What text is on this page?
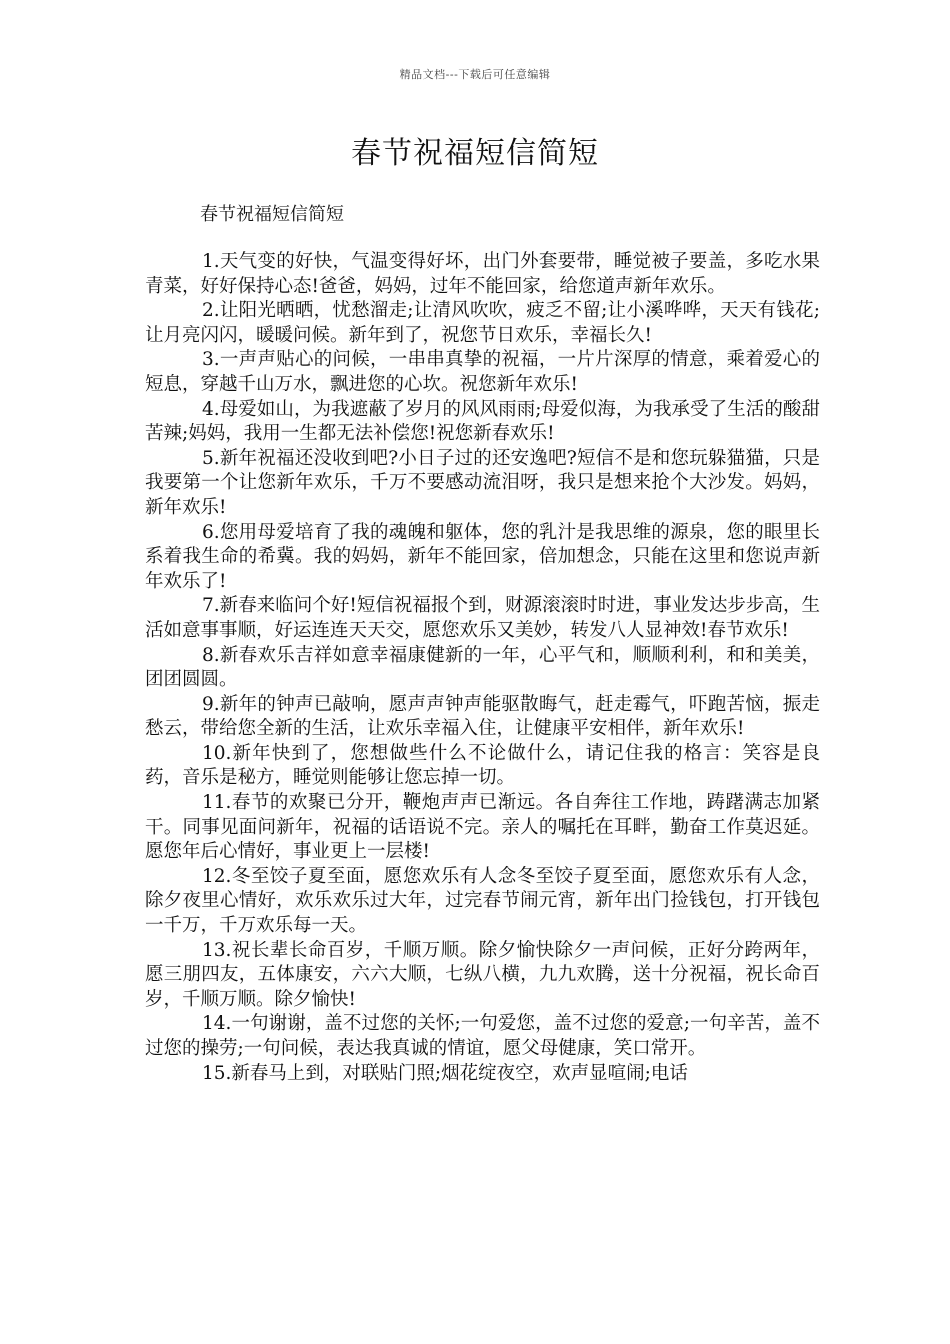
精品文档---下载后可任意编辑
春节祝福短信简短
春节祝福短信简短

1.天气变的好快，气温变得好坏，出门外套要带，睡觉被子要盖，多吃水果青菜，好好保持心态!爸爸，妈妈，过年不能回家，给您道声新年欢乐。

2.让阳光晒晒，忧愁溜走;让清风吹吹，疲乏不留;让小溪哗哗，天天有钱花;让月亮闪闪，暖暖问候。新年到了，祝您节日欢乐，幸福长久!

3.一声声贴心的问候，一串串真挚的祝福，一片片深厚的情意，乘着爱心的短息，穿越千山万水，飘进您的心坎。祝您新年欢乐!

4.母爱如山，为我遮蔽了岁月的风风雨雨;母爱似海，为我承受了生活的酸甜苦辣;妈妈，我用一生都无法补偿您!祝您新春欢乐!

5.新年祝福还没收到吧?小日子过的还安逸吧?短信不是和您玩躲猫猫，只是我要第一个让您新年欢乐，千万不要感动流泪呀，我只是想来抢个大沙发。妈妈，新年欢乐!

6.您用母爱培育了我的魂魄和躯体，您的乳汁是我思维的源泉，您的眼里长系着我生命的希冀。我的妈妈，新年不能回家，倍加想念，只能在这里和您说声新年欢乐了!

7.新春来临问个好!短信祝福报个到，财源滚滚时时进，事业发达步步高，生活如意事事顺，好运连连天天交，愿您欢乐又美妙，转发八人显神效!春节欢乐!

8.新春欢乐吉祥如意幸福康健新的一年，心平气和，顺顺利利，和和美美，团团圆圆。

9.新年的钟声已敲响，愿声声钟声能驱散晦气，赶走霉气，吓跑苦恼，振走愁云，带给您全新的生活，让欢乐幸福入住，让健康平安相伴，新年欢乐!

10.新年快到了，您想做些什么不论做什么，请记住我的格言：笑容是良药，音乐是秘方，睡觉则能够让您忘掉一切。

11.春节的欢聚已分开，鞭炮声声已渐远。各自奔往工作地，踌躇满志加紧干。同事见面问新年，祝福的话语说不完。亲人的嘱托在耳畔，勤奋工作莫迟延。愿您年后心情好，事业更上一层楼!

12.冬至饺子夏至面，愿您欢乐有人念冬至饺子夏至面，愿您欢乐有人念，除夕夜里心情好，欢乐欢乐过大年，过完春节闹元宵，新年出门捡钱包，打开钱包一千万，千万欢乐每一天。

13.祝长辈长命百岁，千顺万顺。除夕愉快除夕一声问候，正好分跨两年，愿三朋四友，五体康安，六六大顺，七纵八横，九九欢腾，送十分祝福，祝长命百岁，千顺万顺。除夕愉快!

14.一句谢谢，盖不过您的关怀;一句爱您，盖不过您的爱意;一句辛苦，盖不过您的操劳;一句问候，表达我真诚的情谊，愿父母健康，笑口常开。

15.新春马上到，对联贴门照;烟花绽夜空，欢声显喧闹;电话
